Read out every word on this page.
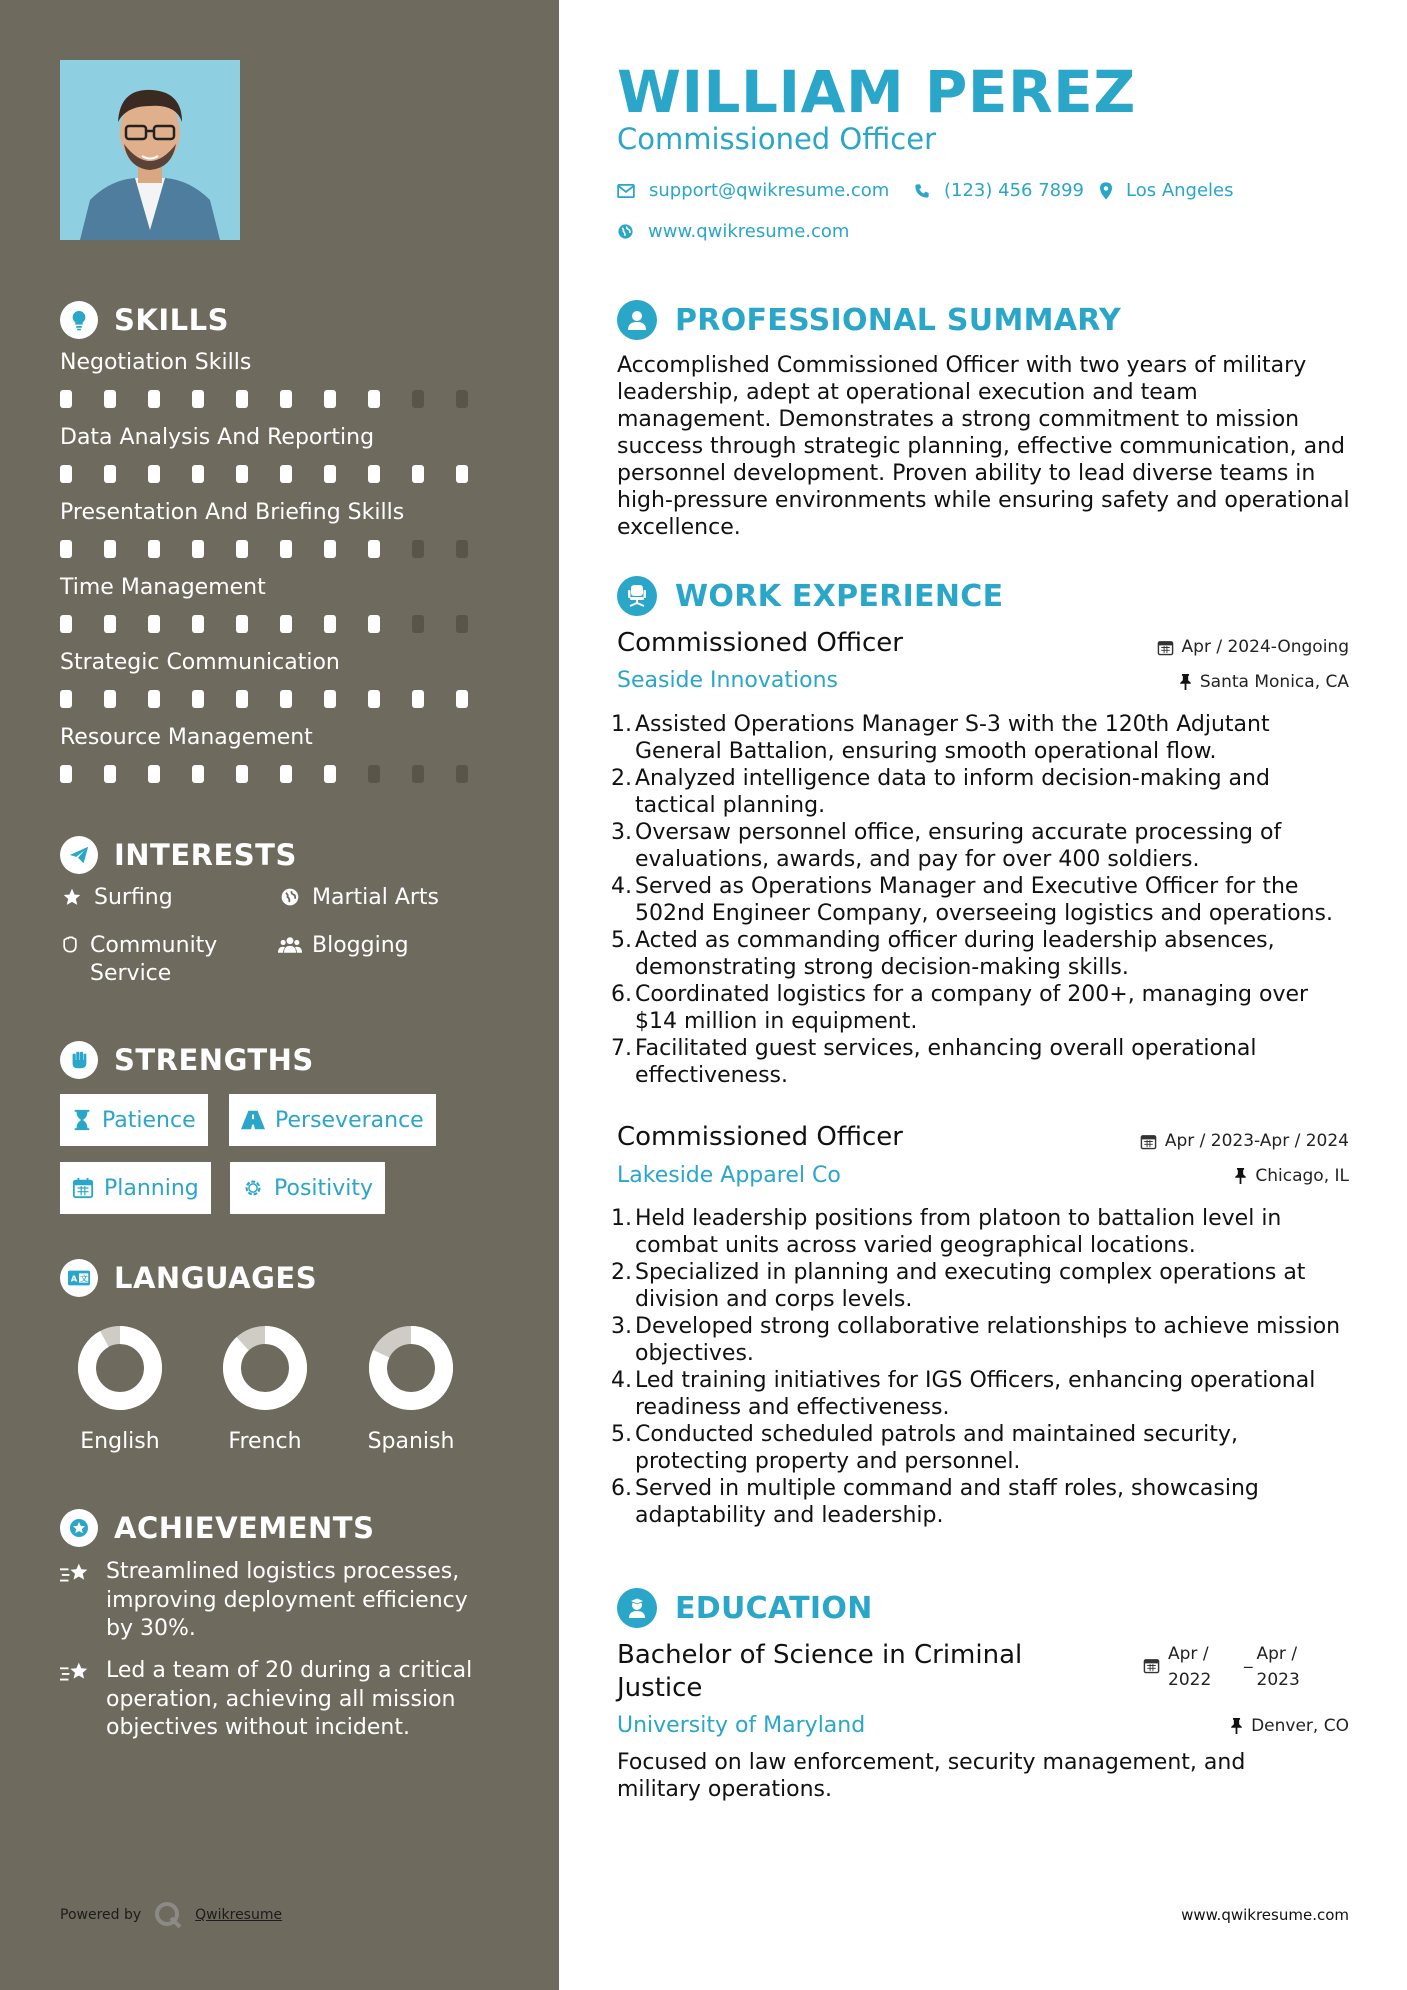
SKILLS
Negotiation Skills
Data Analysis And Reporting
Presentation And Briefing Skills
Time Management
Strategic Communication
Resource Management
INTERESTS
Surfing	Martial Arts
Community Service
Blogging
STRENGTHS
Patience	Perseverance
Planning	Positivity
A 文 LANGUAGES
English	French	Spanish
ACHIEVEMENTS
Streamlined logistics processes, improving deployment efficiency by 30%.
Led a team of 20 during a critical operation, achieving all mission objectives without incident.
Powered by	Qwikresume
WILLIAM PEREZ
Commissioned Officer
support@qwikresume.com	(123) 456 7899 Los Angeles
www.qwikresume.com
PROFESSIONAL SUMMARY
Accomplished Commissioned Officer with two years of military leadership, adept at operational execution and team management. Demonstrates a strong commitment to mission success through strategic planning, effective communication, and personnel development. Proven ability to lead diverse teams in high-pressure environments while ensuring safety and operational excellence.
WORK EXPERIENCE
Commissioned Officer	Apr / 2024-Ongoing
Seaside Innovations	Santa Monica, CA
1. Assisted Operations Manager S-3 with the 120th Adjutant General Battalion, ensuring smooth operational flow.
2. Analyzed intelligence data to inform decision-making and tactical planning.
3. Oversaw personnel office, ensuring accurate processing of evaluations, awards, and pay for over 400 soldiers.
4. Served as Operations Manager and Executive Officer for the 502nd Engineer Company, overseeing logistics and operations.
5. Acted as commanding officer during leadership absences, demonstrating strong decision-making skills.
6. Coordinated logistics for a company of 200+, managing over $14 million in equipment.
7. Facilitated guest services, enhancing overall operational effectiveness.
Commissioned Officer	Apr / 2023-Apr / 2024
Lakeside Apparel Co	Chicago, IL
1. Held leadership positions from platoon to battalion level in combat units across varied geographical locations.
2. Specialized in planning and executing complex operations at division and corps levels.
3. Developed strong collaborative relationships to achieve mission objectives.
4. Led training initiatives for IGS Officers, enhancing operational readiness and effectiveness.
5. Conducted scheduled patrols and maintained security, protecting property and personnel.
6. Served in multiple command and staff roles, showcasing adaptability and leadership.
EDUCATION
Bachelor of Science in Criminal Justice
Apr / 2022
_ Apr / 2023
University of Maryland	Denver, CO
Focused on law enforcement, security management, and military operations.
www.qwikresume.com
